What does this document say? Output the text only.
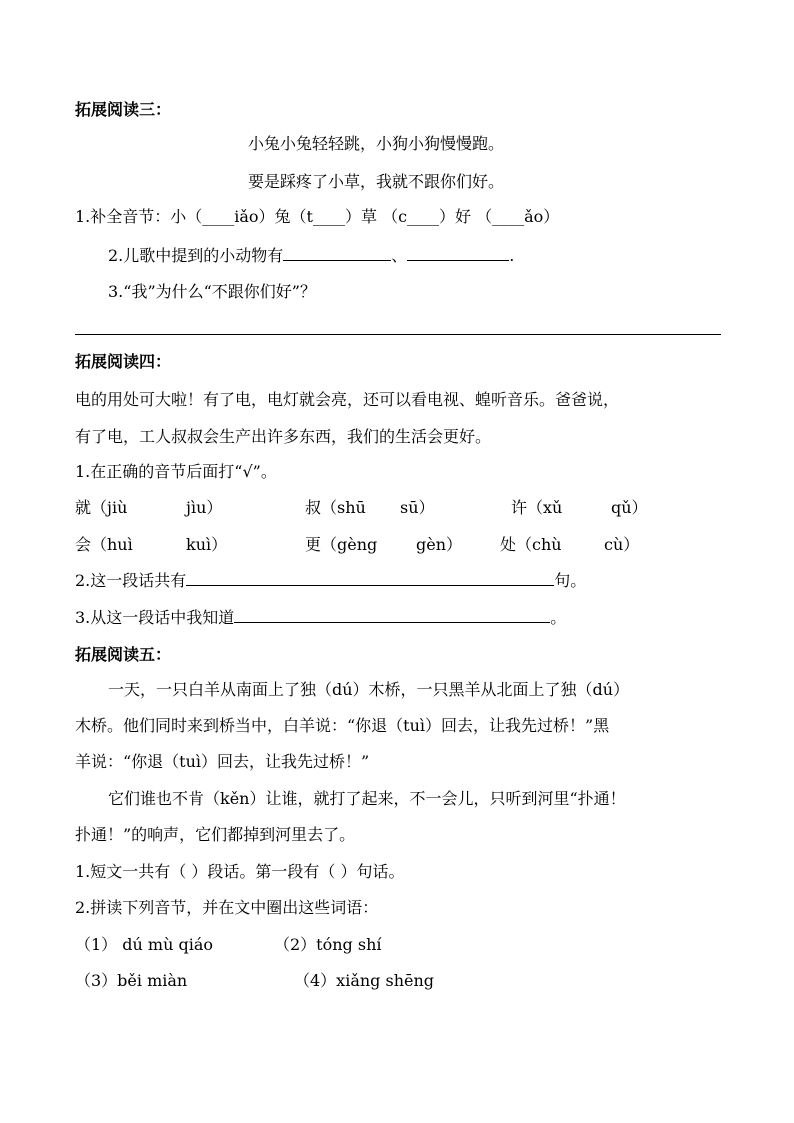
拓展阅读三：
小兔小兔轻轻跳，小狗小狗慢慢跑。
要是踩疼了小草，我就不跟你们好。
1.补全音节：小（____iǎo）兔（t____）草 （c____）好 （____ǎo）
2.儿歌中提到的小动物有	、	.
3.“我”为什么“不跟你们好”？
拓展阅读四：
电的用处可大啦！有了电，电灯就会亮，还可以看电视、蝗听音乐。爸爸说，
有了电，工人叔叔会生产出许多东西，我们的生活会更好。
1.在正确的音节后面打“√”。
就（jiù	jìu）	叔（shū sū）	许（xǔ	qǔ）
会（huì	kuì）	更（gèng gèn） 处（chù	cù）
2.这一段话共有	句。
3.从这一段话中我知道	。
拓展阅读五：
一天，一只白羊从南面上了独（dú）木桥，一只黑羊从北面上了独（dú）
木桥。他们同时来到桥当中，白羊说：“你退（tuì）回去，让我先过桥！”黑
羊说：“你退（tuì）回去，让我先过桥！”
它们谁也不肯（kěn）让谁，就打了起来，不一会儿，只听到河里“扑通！
扑通！”的响声，它们都掉到河里去了。
1.短文一共有（ ）段话。第一段有（ ）句话。
2.拼读下列音节，并在文中圈出这些词语：
（1） dú mù qiáo	（2）tóng shí
（3）běi miàn	（4）xiǎng shēng
